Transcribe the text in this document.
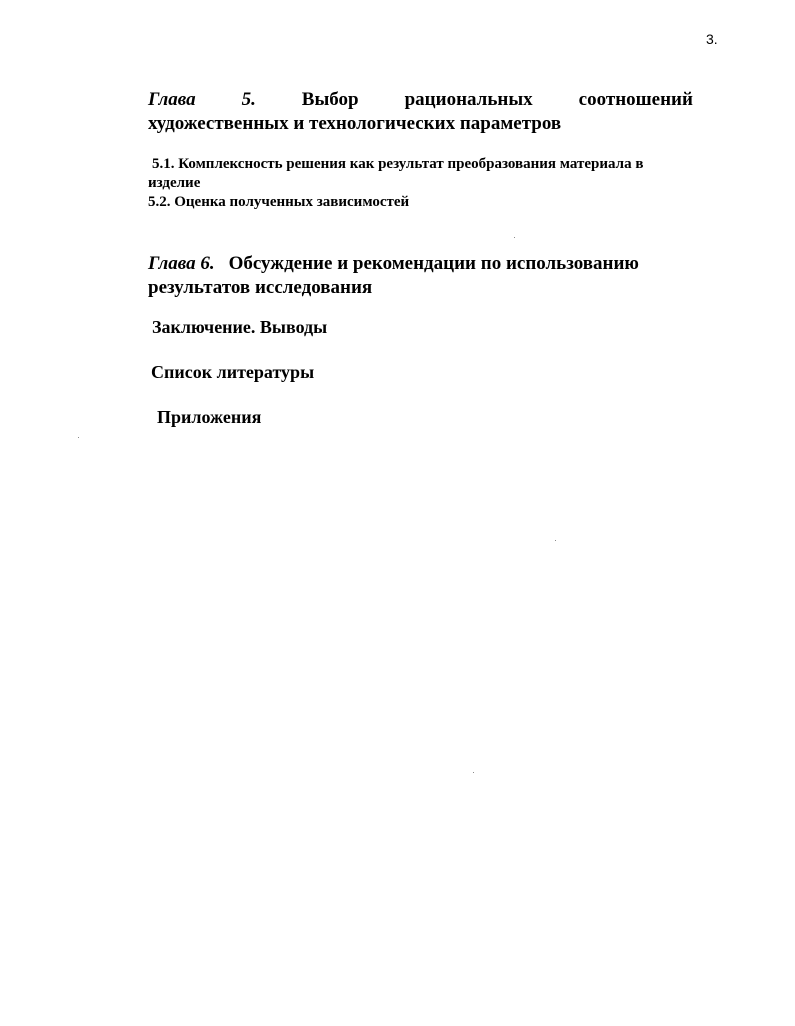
3.
Глава 5. Выбор рациональных соотношений
художественных и технологических параметров
5.1. Комплексность решения как результат преобразования материала в изделие
5.2. Оценка полученных зависимостей
Глава 6. Обсуждение и рекомендации по использованию
результатов исследования
Заключение. Выводы
Список литературы
Приложения
